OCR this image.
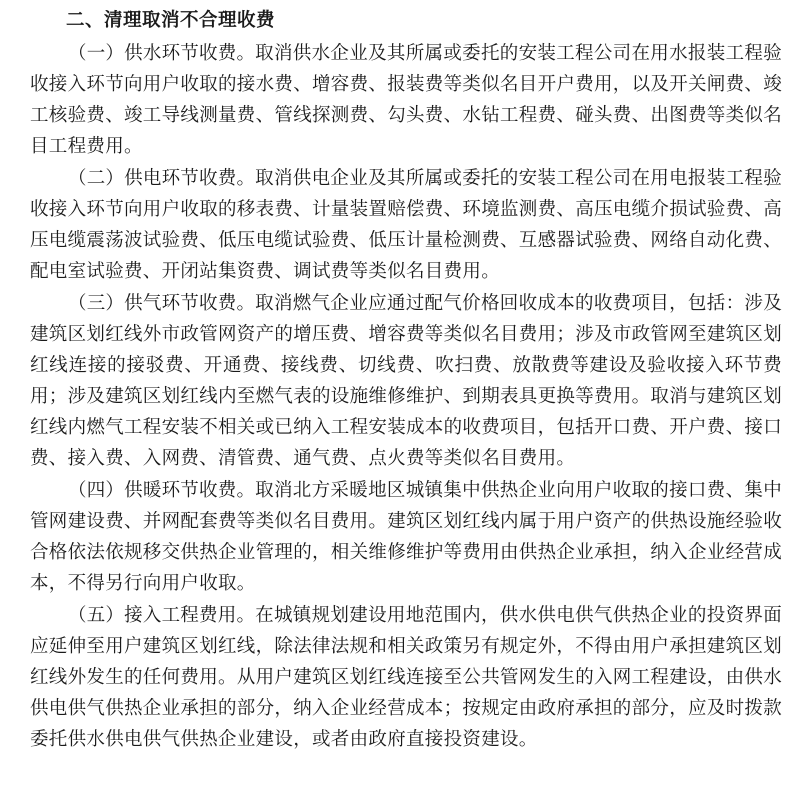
二、清理取消不合理收费

（一）供水环节收费。取消供水企业及其所属或委托的安装工程公司在用水报装工程验收接入环节向用户收取的接水费、增容费、报装费等类似名目开户费用，以及开关闸费、竣工核验费、竣工导线测量费、管线探测费、勾头费、水钻工程费、碰头费、出图费等类似名目工程费用。

（二）供电环节收费。取消供电企业及其所属或委托的安装工程公司在用电报装工程验收接入环节向用户收取的移表费、计量装置赔偿费、环境监测费、高压电缆介损试验费、高压电缆震荡波试验费、低压电缆试验费、低压计量检测费、互感器试验费、网络自动化费、配电室试验费、开闭站集资费、调试费等类似名目费用。

（三）供气环节收费。取消燃气企业应通过配气价格回收成本的收费项目，包括：涉及建筑区划红线外市政管网资产的增压费、增容费等类似名目费用；涉及市政管网至建筑区划红线连接的接驳费、开通费、接线费、切线费、吹扫费、放散费等建设及验收接入环节费用；涉及建筑区划红线内至燃气表的设施维修维护、到期表具更换等费用。取消与建筑区划红线内燃气工程安装不相关或已纳入工程安装成本的收费项目，包括开口费、开户费、接口费、接入费、入网费、清管费、通气费、点火费等类似名目费用。

（四）供暖环节收费。取消北方采暖地区城镇集中供热企业向用户收取的接口费、集中管网建设费、并网配套费等类似名目费用。建筑区划红线内属于用户资产的供热设施经验收合格依法依规移交供热企业管理的，相关维修维护等费用由供热企业承担，纳入企业经营成本，不得另行向用户收取。

（五）接入工程费用。在城镇规划建设用地范围内，供水供电供气供热企业的投资界面应延伸至用户建筑区划红线，除法律法规和相关政策另有规定外，不得由用户承担建筑区划红线外发生的任何费用。从用户建筑区划红线连接至公共管网发生的入网工程建设，由供水供电供气供热企业承担的部分，纳入企业经营成本；按规定由政府承担的部分，应及时拨款委托供水供电供气供热企业建设，或者由政府直接投资建设。
